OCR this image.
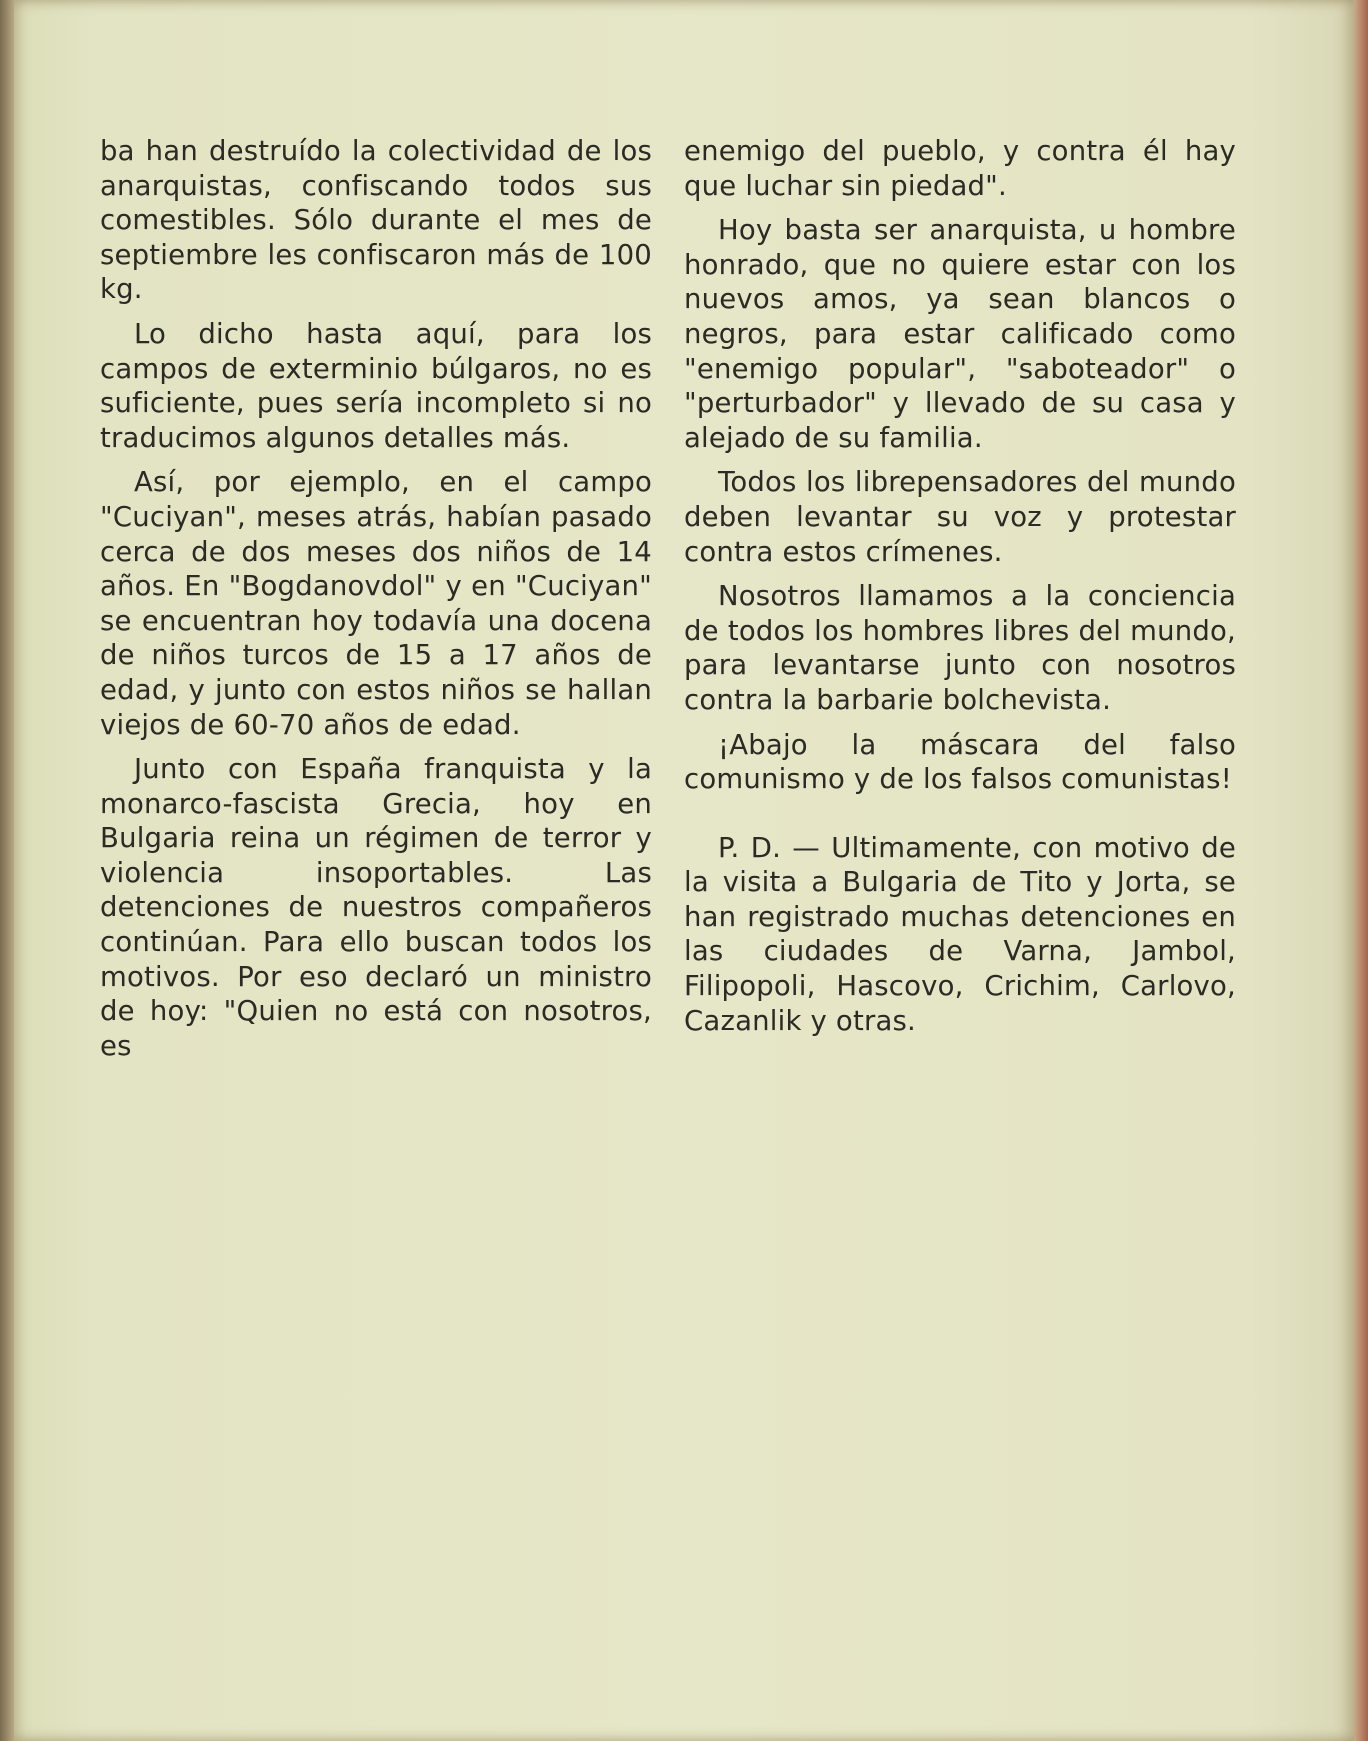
ba han destruído la colectividad de los anarquistas, confiscando todos sus comestibles. Sólo durante el mes de septiembre les confiscaron más de 100 kg.

Lo dicho hasta aquí, para los campos de exterminio búlgaros, no es suficiente, pues sería incompleto si no traducimos algunos detalles más.

Así, por ejemplo, en el campo "Cuciyan", meses atrás, habían pasado cerca de dos meses dos niños de 14 años. En "Bogdanovdol" y en "Cuciyan" se encuentran hoy todavía una docena de niños turcos de 15 a 17 años de edad, y junto con estos niños se hallan viejos de 60-70 años de edad.

Junto con España franquista y la monarco-fascista Grecia, hoy en Bulgaria reina un régimen de terror y violencia insoportables. Las detenciones de nuestros compañeros continúan. Para ello buscan todos los motivos. Por eso declaró un ministro de hoy: "Quien no está con nosotros, es

enemigo del pueblo, y contra él hay que luchar sin piedad".

Hoy basta ser anarquista, u hombre honrado, que no quiere estar con los nuevos amos, ya sean blancos o negros, para estar calificado como "enemigo popular", "saboteador" o "perturbador" y llevado de su casa y alejado de su familia.

Todos los librepensadores del mundo deben levantar su voz y protestar contra estos crímenes.

Nosotros llamamos a la conciencia de todos los hombres libres del mundo, para levantarse junto con nosotros contra la barbarie bolchevista.

¡Abajo la máscara del falso comunismo y de los falsos comunistas!

P. D. — Ultimamente, con motivo de la visita a Bulgaria de Tito y Jorta, se han registrado muchas detenciones en las ciudades de Varna, Jambol, Filipopoli, Hascovo, Crichim, Carlovo, Cazanlik y otras.
